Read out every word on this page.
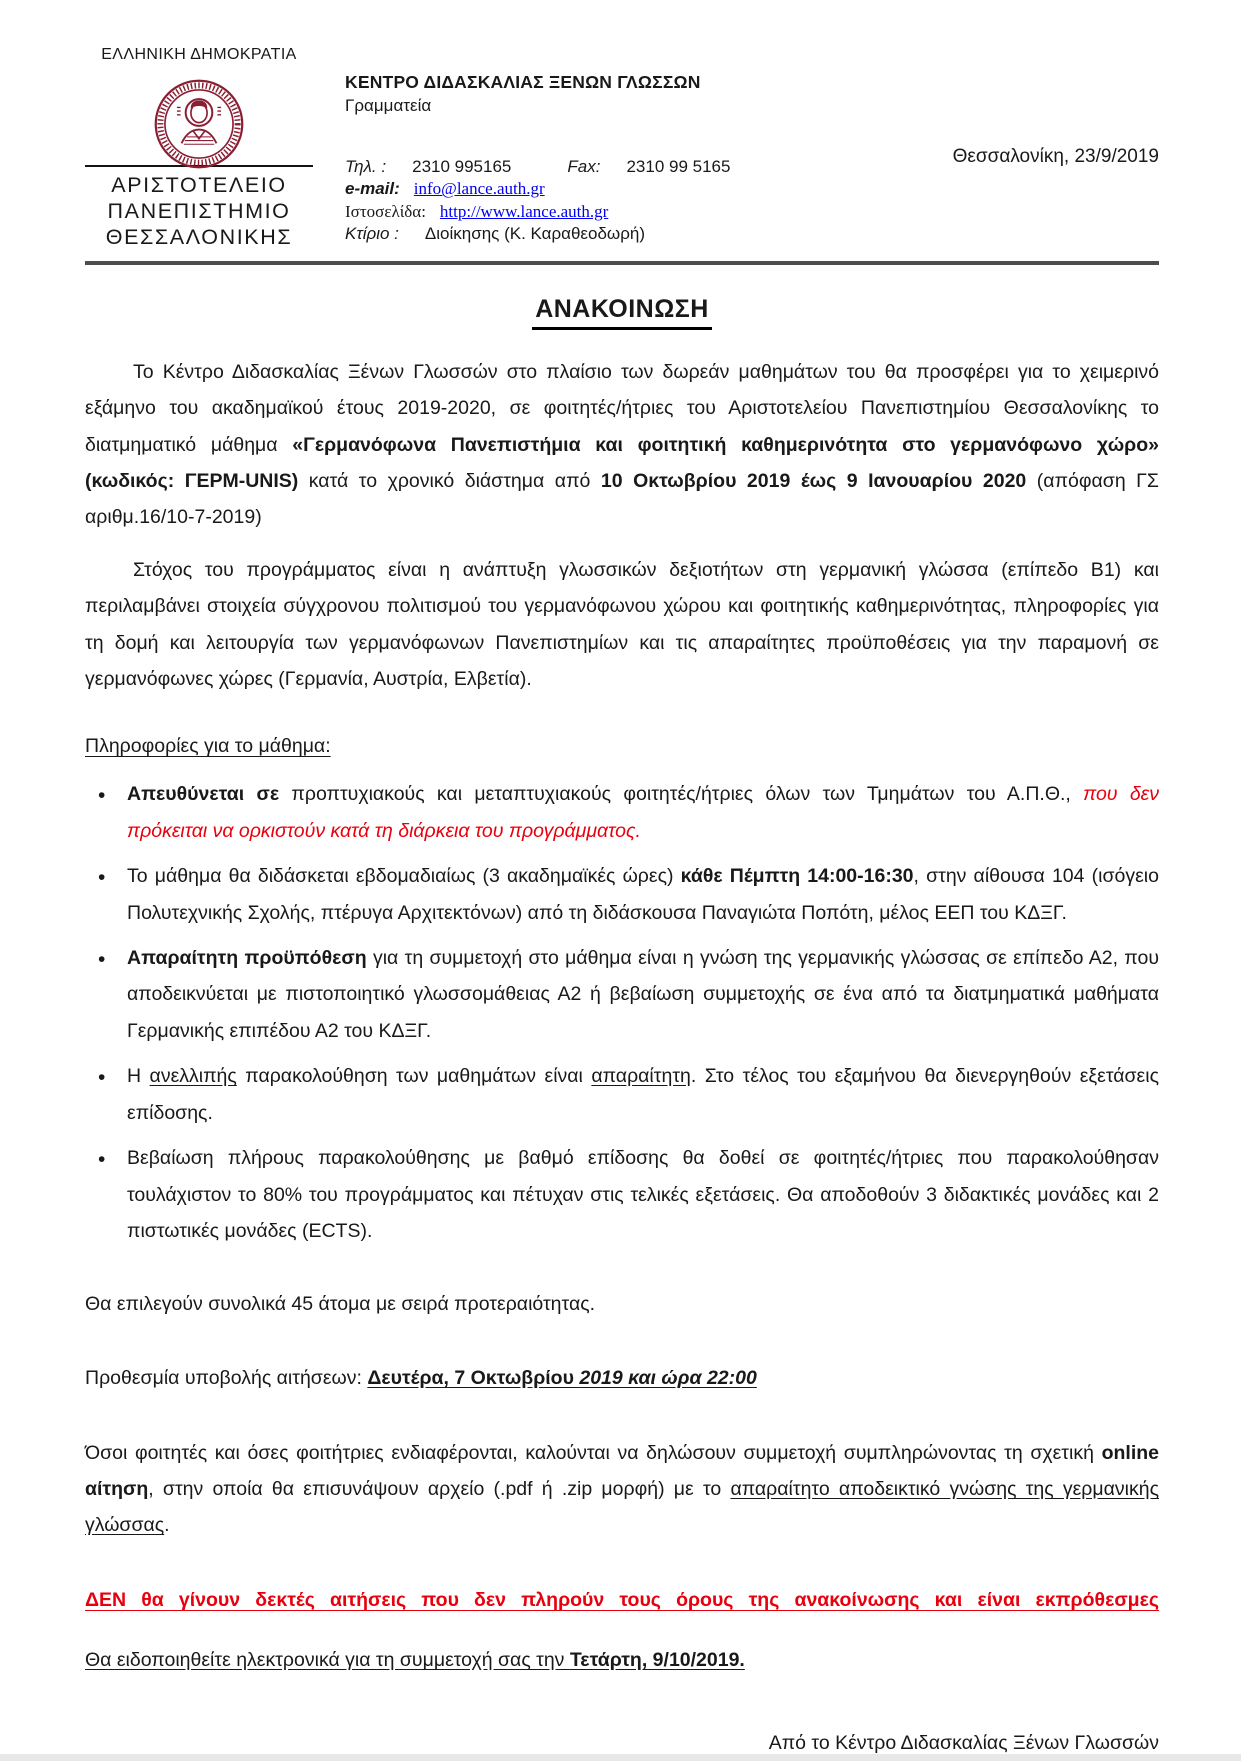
ΕΛΛΗΝΙΚΗ ΔΗΜΟΚΡΑΤΙΑ
ΑΡΙΣΤΟΤΕΛΕΙΟ
ΠΑΝΕΠΙΣΤΗΜΙΟ
ΘΕΣΣΑΛΟΝΙΚΗΣ
ΚΕΝΤΡΟ ΔΙΔΑΣΚΑΛΙΑΣ ΞΕΝΩΝ ΓΛΩΣΣΩΝ
Γραμματεία
Τηλ. : 2310 995165	Fax: 2310 99 5165
e-mail: info@lance.auth.gr
Ιστοσελίδα: http://www.lance.auth.gr
Κτίριο : Διοίκησης (Κ. Καραθεοδωρή)
Θεσσαλονίκη, 23/9/2019
ΑΝΑΚΟΙΝΩΣΗ

Το Κέντρο Διδασκαλίας Ξένων Γλωσσών στο πλαίσιο των δωρεάν μαθημάτων του θα προσφέρει για το χειμερινό εξάμηνο του ακαδημαϊκού έτους 2019-2020, σε φοιτητές/ήτριες του Αριστοτελείου Πανεπιστημίου Θεσσαλονίκης το διατμηματικό μάθημα «Γερμανόφωνα Πανεπιστήμια και φοιτητική καθημερινότητα στο γερμανόφωνο χώρο» (κωδικός: ΓΕΡΜ-UNIS) κατά το χρονικό διάστημα από 10 Οκτωβρίου 2019 έως 9 Ιανουαρίου 2020 (απόφαση ΓΣ αριθμ.16/10-7-2019)

Στόχος του προγράμματος είναι η ανάπτυξη γλωσσικών δεξιοτήτων στη γερμανική γλώσσα (επίπεδο Β1) και περιλαμβάνει στοιχεία σύγχρονου πολιτισμού του γερμανόφωνου χώρου και φοιτητικής καθημερινότητας, πληροφορίες για τη δομή και λειτουργία των γερμανόφωνων Πανεπιστημίων και τις απαραίτητες προϋποθέσεις για την παραμονή σε γερμανόφωνες χώρες (Γερμανία, Αυστρία, Ελβετία).

Πληροφορίες για το μάθημα:

• Απευθύνεται σε προπτυχιακούς και μεταπτυχιακούς φοιτητές/ήτριες όλων των Τμημάτων του Α.Π.Θ., που δεν πρόκειται να ορκιστούν κατά τη διάρκεια του προγράμματος.
• Το μάθημα θα διδάσκεται εβδομαδιαίως (3 ακαδημαϊκές ώρες) κάθε Πέμπτη 14:00-16:30, στην αίθουσα 104 (ισόγειο Πολυτεχνικής Σχολής, πτέρυγα Αρχιτεκτόνων) από τη διδάσκουσα Παναγιώτα Ποπότη, μέλος ΕΕΠ του ΚΔΞΓ.
• Απαραίτητη προϋπόθεση για τη συμμετοχή στο μάθημα είναι η γνώση της γερμανικής γλώσσας σε επίπεδο Α2, που αποδεικνύεται με πιστοποιητικό γλωσσομάθειας Α2 ή βεβαίωση συμμετοχής σε ένα από τα διατμηματικά μαθήματα Γερμανικής επιπέδου Α2 του ΚΔΞΓ.
• Η ανελλιπής παρακολούθηση των μαθημάτων είναι απαραίτητη. Στο τέλος του εξαμήνου θα διενεργηθούν εξετάσεις επίδοσης.
• Βεβαίωση πλήρους παρακολούθησης με βαθμό επίδοσης θα δοθεί σε φοιτητές/ήτριες που παρακολούθησαν τουλάχιστον το 80% του προγράμματος και πέτυχαν στις τελικές εξετάσεις. Θα αποδοθούν 3 διδακτικές μονάδες και 2 πιστωτικές μονάδες (ECTS).

Θα επιλεγούν συνολικά 45 άτομα με σειρά προτεραιότητας.

Προθεσμία υποβολής αιτήσεων: Δευτέρα, 7 Οκτωβρίου 2019 και ώρα 22:00

Όσοι φοιτητές και όσες φοιτήτριες ενδιαφέρονται, καλούνται να δηλώσουν συμμετοχή συμπληρώνοντας τη σχετική online αίτηση, στην οποία θα επισυνάψουν αρχείο (.pdf ή .zip μορφή) με το απαραίτητο αποδεικτικό γνώσης της γερμανικής γλώσσας.

ΔΕΝ θα γίνουν δεκτές αιτήσεις που δεν πληρούν τους όρους της ανακοίνωσης και είναι εκπρόθεσμες

Θα ειδοποιηθείτε ηλεκτρονικά για τη συμμετοχή σας την Τετάρτη, 9/10/2019.

Από το Κέντρο Διδασκαλίας Ξένων Γλωσσών
